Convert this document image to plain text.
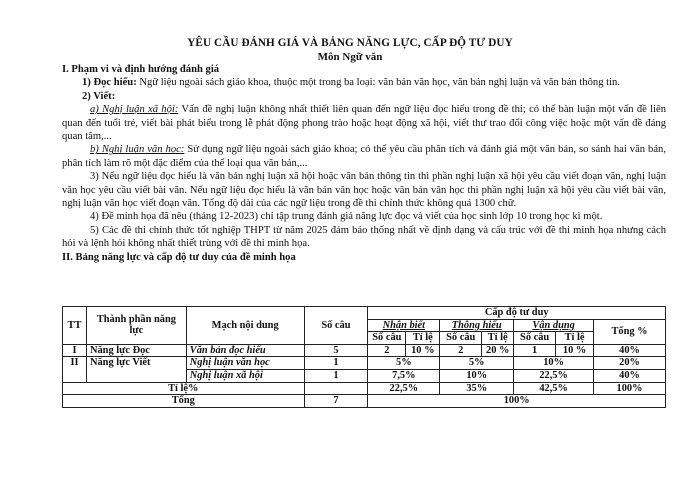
YÊU CẦU ĐÁNH GIÁ VÀ BẢNG NĂNG LỰC, CẤP ĐỘ TƯ DUY
Môn Ngữ văn

I. Phạm vi và định hướng đánh giá

1) Đọc hiểu: Ngữ liệu ngoài sách giáo khoa, thuộc một trong ba loại: văn bản văn học, văn bản nghị luận và văn bản thông tin.

2) Viết:

a) Nghị luận xã hội: Vấn đề nghị luận không nhất thiết liên quan đến ngữ liệu đọc hiểu trong đề thi; có thể bàn luận một vấn đề liên quan đến tuổi trẻ, viết bài phát biểu trong lễ phát động phong trào hoặc hoạt động xã hội, viết thư trao đổi công việc hoặc một vấn đề đáng quan tâm,...

b) Nghị luận văn học: Sử dụng ngữ liệu ngoài sách giáo khoa; có thể yêu cầu phân tích và đánh giá một văn bản, so sánh hai văn bản, phân tích làm rõ một đặc điểm của thể loại qua văn bản,...

3) Nếu ngữ liệu đọc hiểu là văn bản nghị luận xã hội hoặc văn bản thông tin thì phần nghị luận xã hội yêu cầu viết đoạn văn, nghị luận văn học yêu cầu viết bài văn. Nếu ngữ liệu đọc hiểu là văn bản văn học hoặc văn bản văn học thì phần nghị luận xã hội yêu cầu viết bài văn, nghị luận văn học viết đoạn văn. Tổng độ dài của các ngữ liệu trong đề thi chính thức không quá 1300 chữ.

4) Đề minh họa đã nêu (tháng 12-2023) chỉ tập trung đánh giá năng lực đọc và viết của học sinh lớp 10 trong học kì một.

5) Các đề thi chính thức tốt nghiệp THPT từ năm 2025 đảm bảo thống nhất về định dạng và cấu trúc với đề thi minh họa nhưng cách hỏi và lệnh hỏi không nhất thiết trùng với đề thi minh họa.

II. Bảng năng lực và cấp độ tư duy của đề minh họa

TT	Thành phần năng lực	Mạch nội dung	Số câu	Cấp độ tư duy						
				Nhận biết		Thông hiểu		Vận dụng		Tổng %
				Số câu	Tỉ lệ	Số câu	Tỉ lệ	Số câu	Tỉ lệ	
I	Năng lực Đọc	Văn bản đọc hiểu	5	2	10 %	2	20 %	1	10 %	40%
II	Năng lực Viết	Nghị luận văn học	1	5%		5%		10%		20%
		Nghị luận xã hội	1	7,5%		10%		22,5%		40%
Tỉ lệ%				22,5%		35%		42,5%		100%
Tổng			7	100%						
